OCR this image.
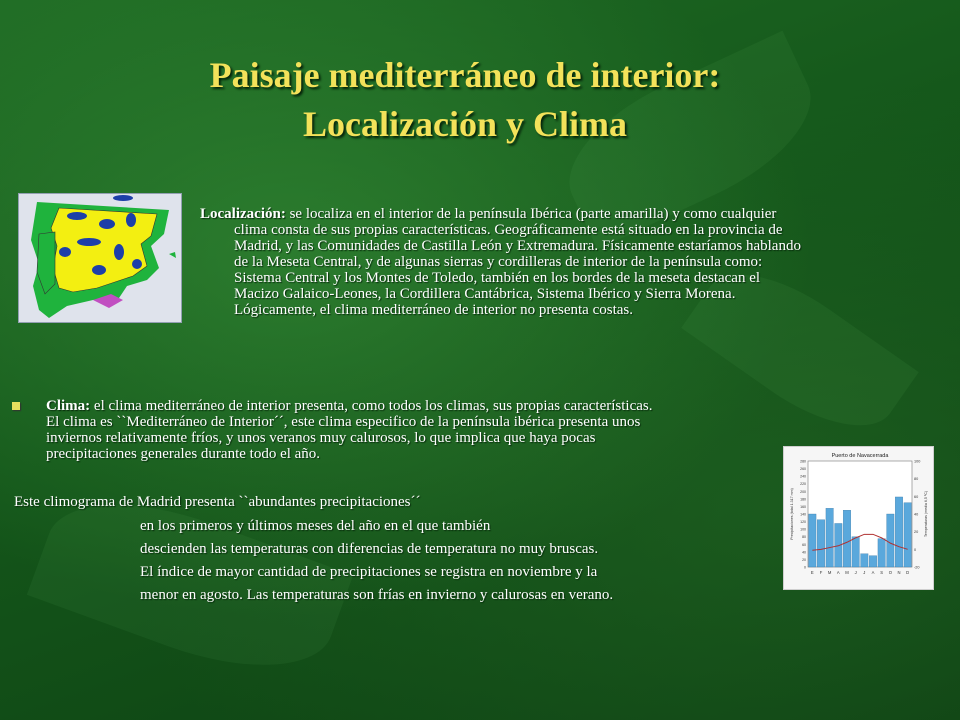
Paisaje mediterráneo de interior:
Localización y Clima
Localización: se localiza en el interior de la península Ibérica (parte amarilla) y como cualquier
clima consta de sus propias características. Geográficamente está situado en la provincia de
Madrid, y las Comunidades de Castilla León y Extremadura. Físicamente estaríamos hablando
de la Meseta Central, y de algunas sierras y cordilleras de interior de la península como:
Sistema Central y los Montes de Toledo, también en los bordes de la meseta destacan el
Macizo Galaico-Leones, la Cordillera Cantábrica, Sistema Ibérico y Sierra Morena.
Lógicamente, el clima mediterráneo de interior no presenta costas.

Clima: el clima mediterráneo de interior presenta, como todos los climas, sus propias características.

El clima es ``Mediterráneo de Interior´´, este clima especifico de la península ibérica presenta unos

inviernos relativamente fríos, y unos veranos muy calurosos, lo que implica que haya pocas

precipitaciones generales durante todo el año.

Este climograma de Madrid presenta ``abundantes precipitaciones´´
en los primeros y últimos meses del año en el que también
descienden las temperaturas con diferencias de temperatura no muy bruscas.
El índice de mayor cantidad de precipitaciones se registra en noviembre y la
menor en agosto. Las temperaturas son frías en invierno y calurosas en verano.
Puerto de Navacerrada
0
20
40
60
80
100
120
140
160
180
200
220
240
260
280
-20
0
20
40
60
80
100
Precipitaciones (total 1.317 mm)	Temperaturas (media 6,5 ºC)
E F M A M J J A S O N D
